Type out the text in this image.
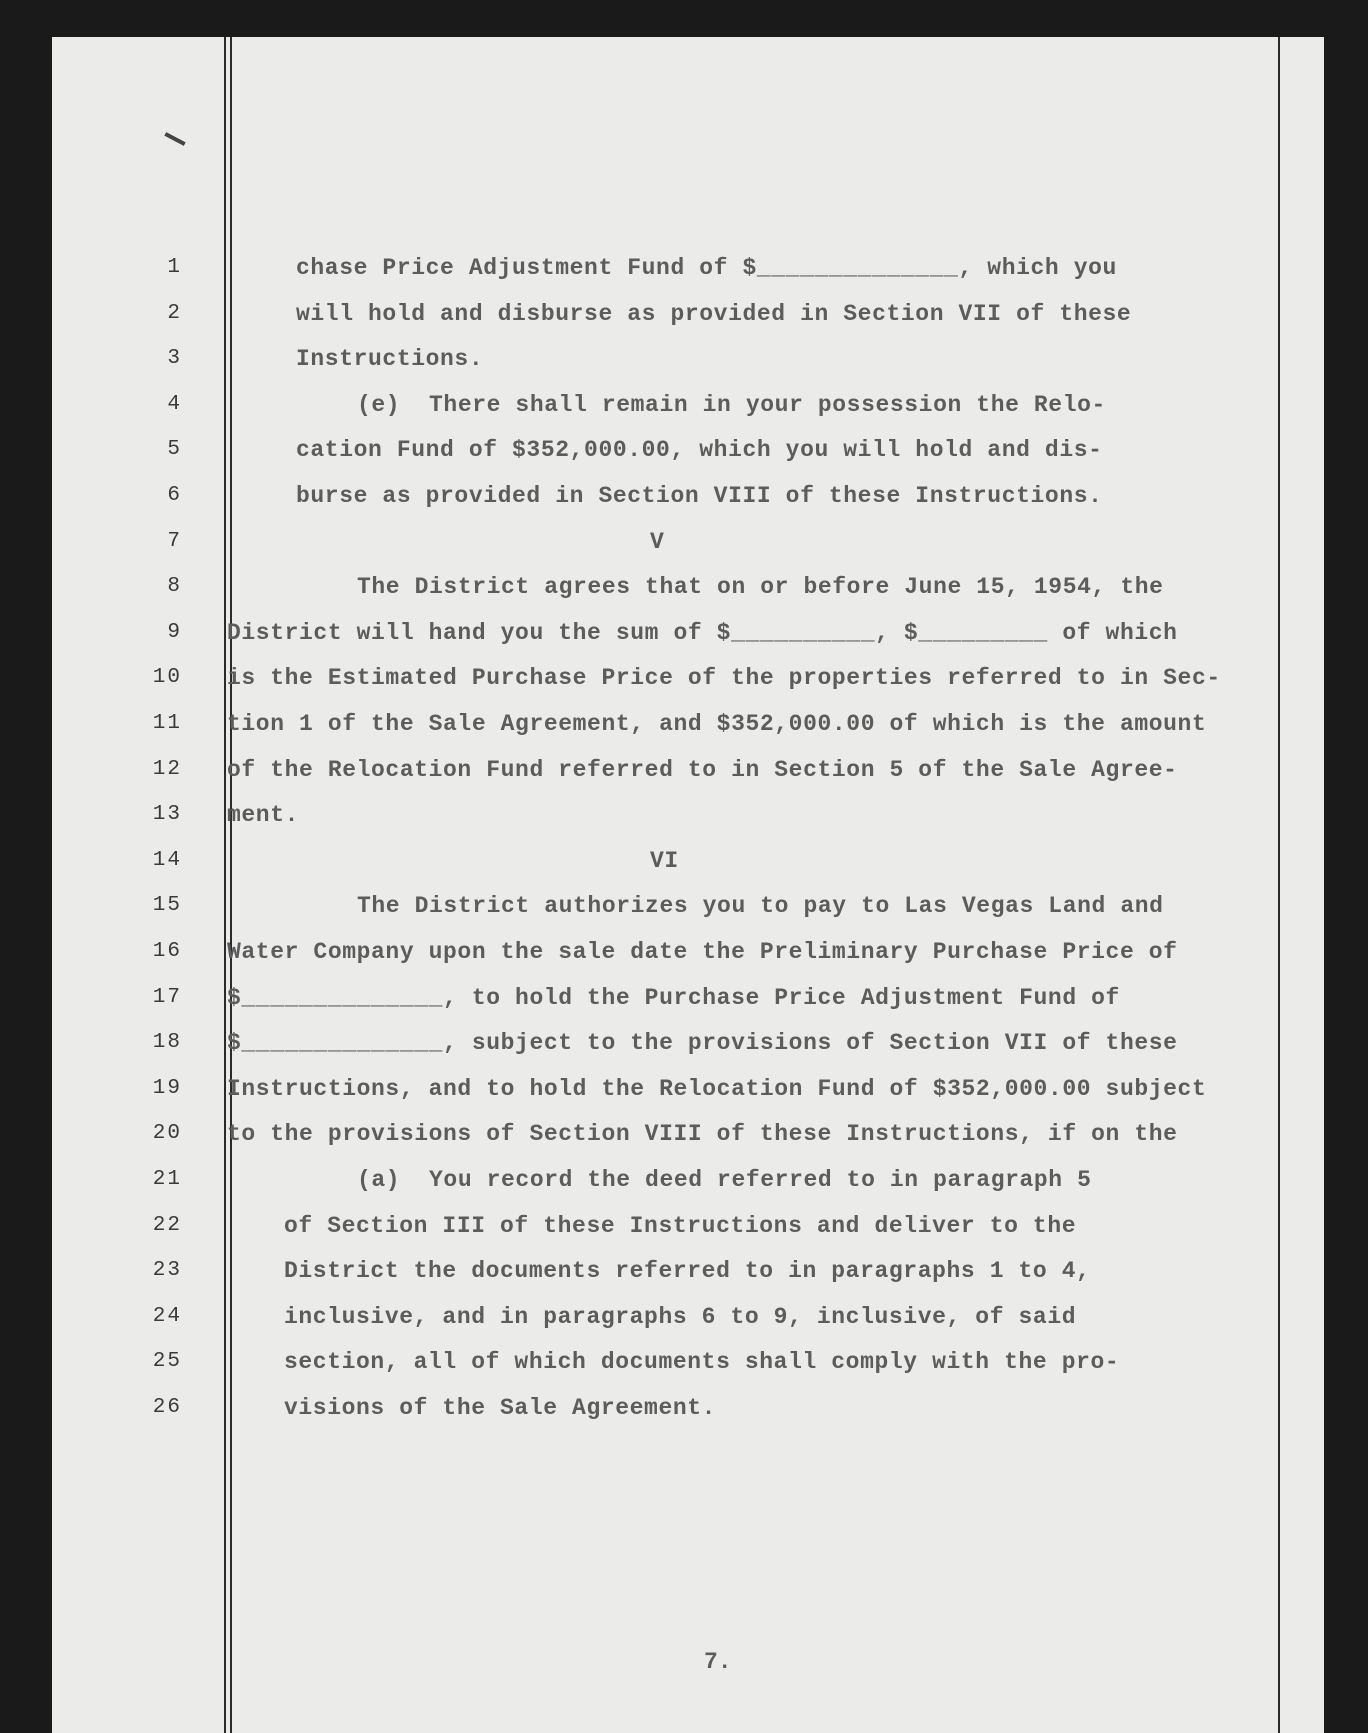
1
2
3
4
5
6
7
8
9
10
11
12
13
14
15
16
17
18
19
20
21
22
23
24
25
26
chase Price Adjustment Fund of $______________, which you
will hold and disburse as provided in Section VII of these
Instructions.
(e)  There shall remain in your possession the Relo-
cation Fund of $352,000.00, which you will hold and dis-
burse as provided in Section VIII of these Instructions.
V
The District agrees that on or before June 15, 1954, the
District will hand you the sum of $__________, $_________ of which
is the Estimated Purchase Price of the properties referred to in Sec-
tion 1 of the Sale Agreement, and $352,000.00 of which is the amount
of the Relocation Fund referred to in Section 5 of the Sale Agree-
ment.
VI
The District authorizes you to pay to Las Vegas Land and
Water Company upon the sale date the Preliminary Purchase Price of
$______________, to hold the Purchase Price Adjustment Fund of
$______________, subject to the provisions of Section VII of these
Instructions, and to hold the Relocation Fund of $352,000.00 subject
to the provisions of Section VIII of these Instructions, if on the
(a)  You record the deed referred to in paragraph 5
of Section III of these Instructions and deliver to the
District the documents referred to in paragraphs 1 to 4,
inclusive, and in paragraphs 6 to 9, inclusive, of said
section, all of which documents shall comply with the pro-
visions of the Sale Agreement.
7.
